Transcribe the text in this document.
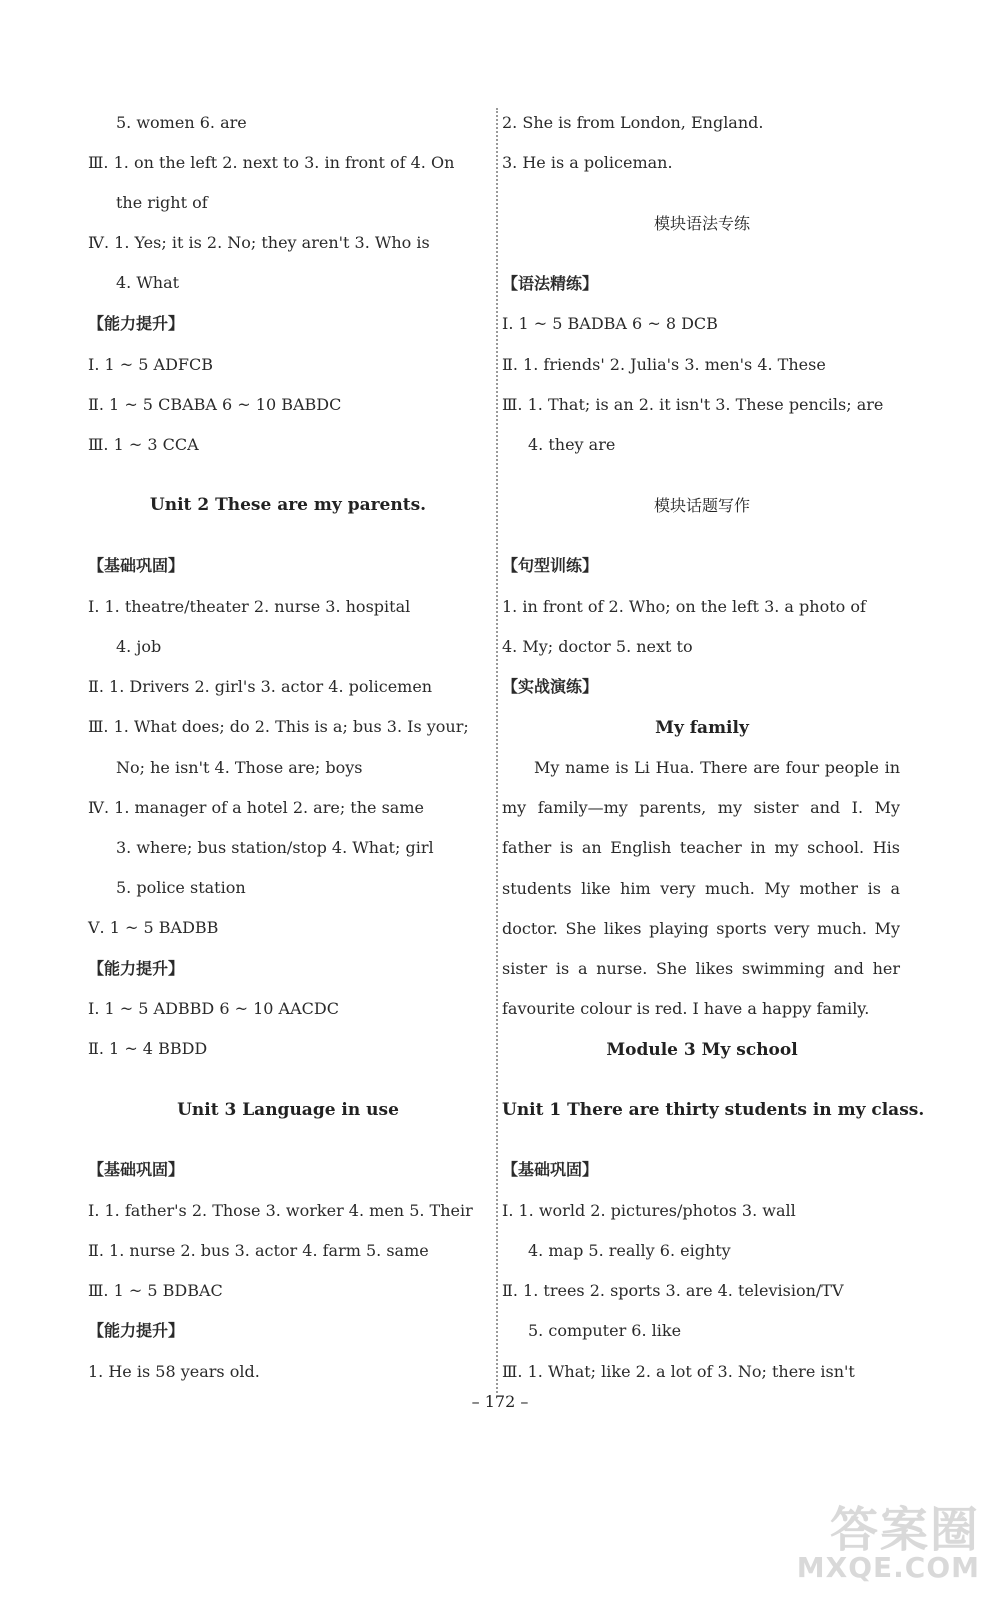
5. women 6. are
Ⅲ. 1. on the left 2. next to 3. in front of 4. On
the right of
Ⅳ. 1. Yes; it is 2. No; they aren't 3. Who is
4. What
【能力提升】
Ⅰ. 1 ~ 5 ADFCB
Ⅱ. 1 ~ 5 CBABA 6 ~ 10 BABDC
Ⅲ. 1 ~ 3 CCA
Unit 2 These are my parents.
【基础巩固】
Ⅰ. 1. theatre/theater 2. nurse 3. hospital
4. job
Ⅱ. 1. Drivers 2. girl's 3. actor 4. policemen
Ⅲ. 1. What does; do 2. This is a; bus 3. Is your;
No; he isn't 4. Those are; boys
Ⅳ. 1. manager of a hotel 2. are; the same
3. where; bus station/stop 4. What; girl
5. police station
Ⅴ. 1 ~ 5 BADBB
【能力提升】
Ⅰ. 1 ~ 5 ADBBD 6 ~ 10 AACDC
Ⅱ. 1 ~ 4 BBDD
Unit 3 Language in use
【基础巩固】
Ⅰ. 1. father's 2. Those 3. worker 4. men 5. Their
Ⅱ. 1. nurse 2. bus 3. actor 4. farm 5. same
Ⅲ. 1 ~ 5 BDBAC
【能力提升】
1. He is 58 years old.
2. She is from London, England.
3. He is a policeman.
模块语法专练
【语法精练】
Ⅰ. 1 ~ 5 BADBA 6 ~ 8 DCB
Ⅱ. 1. friends' 2. Julia's 3. men's 4. These
Ⅲ. 1. That; is an 2. it isn't 3. These pencils; are
4. they are
模块话题写作
【句型训练】
1. in front of 2. Who; on the left 3. a photo of
4. My; doctor 5. next to
【实战演练】
My family
My name is Li Hua. There are four people in my family—my parents, my sister and I. My father is an English teacher in my school. His students like him very much. My mother is a doctor. She likes playing sports very much. My sister is a nurse. She likes swimming and her favourite colour is red. I have a happy family.
Module 3 My school
Unit 1 There are thirty students in my class.
【基础巩固】
Ⅰ. 1. world 2. pictures/photos 3. wall
4. map 5. really 6. eighty
Ⅱ. 1. trees 2. sports 3. are 4. television/TV
5. computer 6. like
Ⅲ. 1. What; like 2. a lot of 3. No; there isn't
– 172 –
答案圈
MXQE.COM
